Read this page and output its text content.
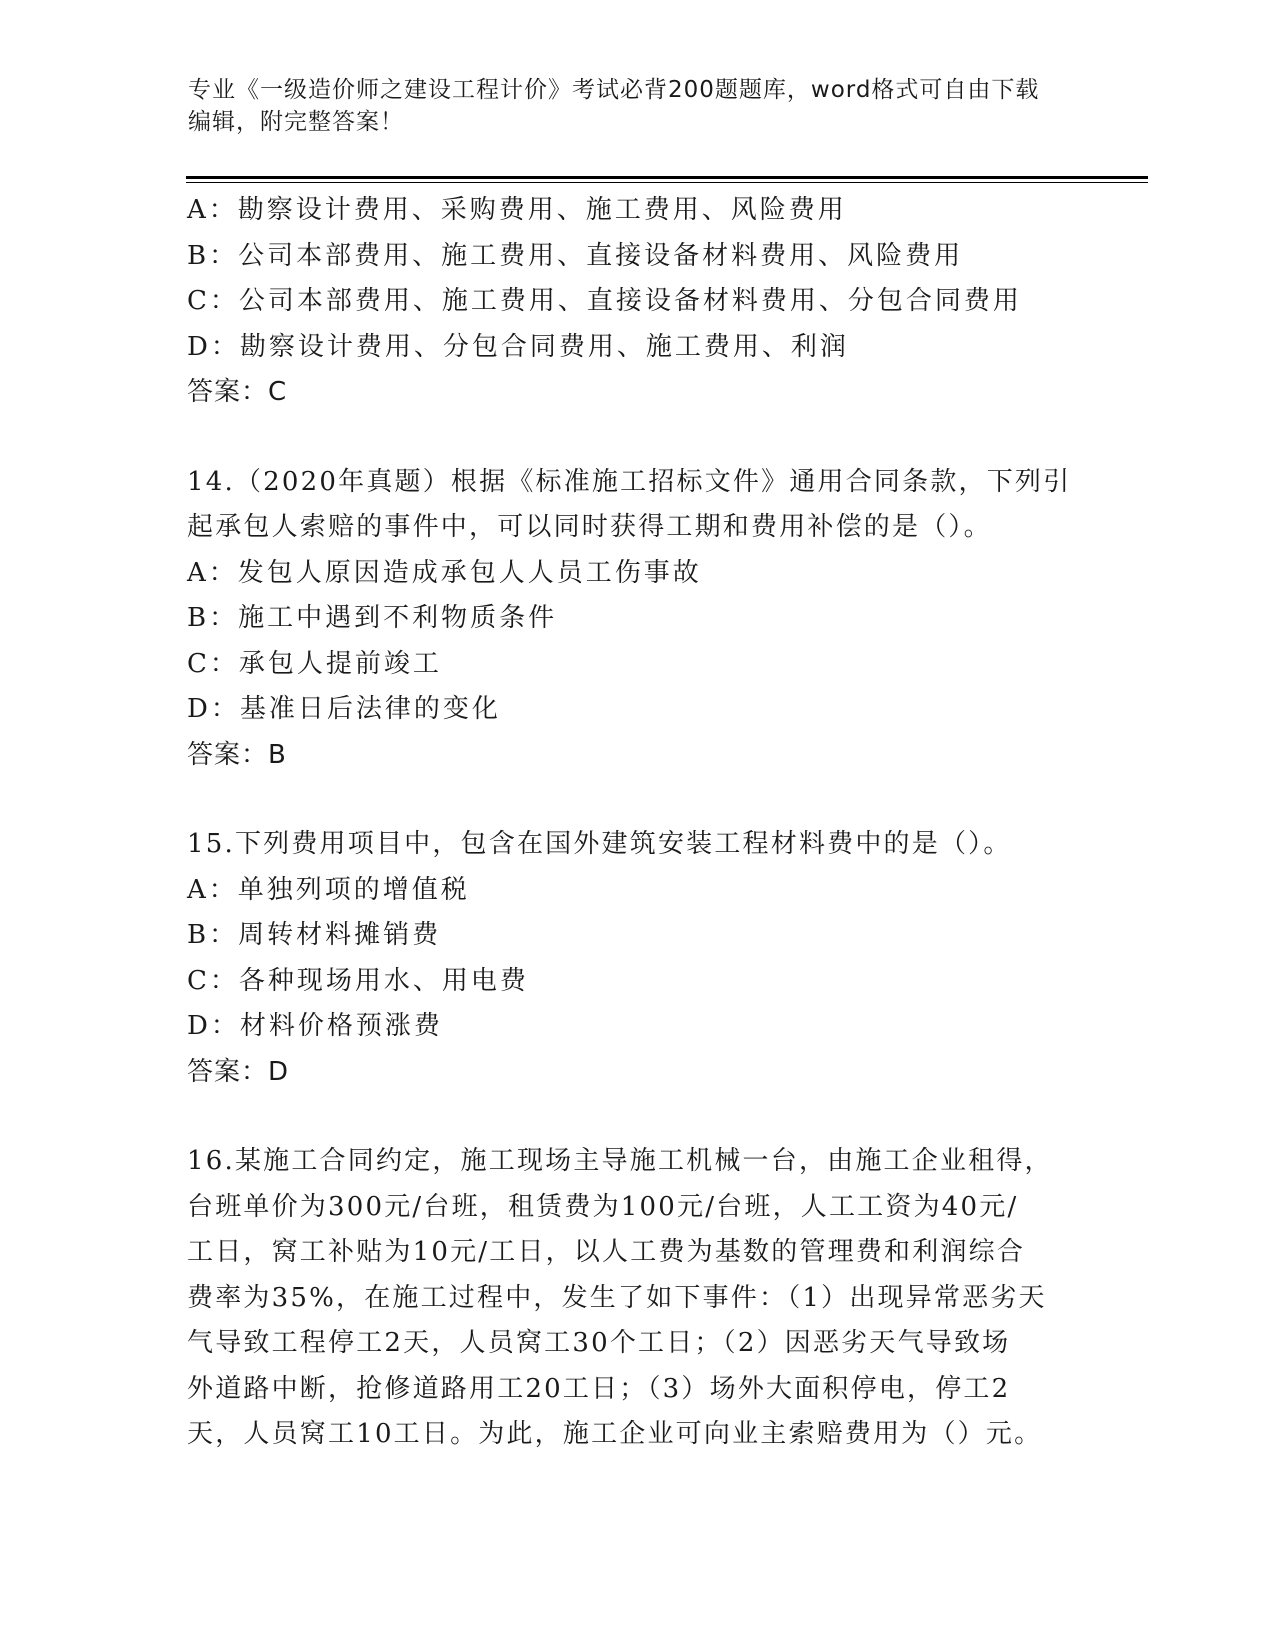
专业《一级造价师之建设工程计价》考试必背200题题库，word格式可自由下载
编辑，附完整答案！
A：勘察设计费用、采购费用、施工费用、风险费用
B：公司本部费用、施工费用、直接设备材料费用、风险费用
C：公司本部费用、施工费用、直接设备材料费用、分包合同费用
D：勘察设计费用、分包合同费用、施工费用、利润
答案：C
14.（2020年真题）根据《标准施工招标文件》通用合同条款，下列引
起承包人索赔的事件中，可以同时获得工期和费用补偿的是（）。
A：发包人原因造成承包人人员工伤事故
B：施工中遇到不利物质条件
C：承包人提前竣工
D：基准日后法律的变化
答案：B
15.下列费用项目中，包含在国外建筑安装工程材料费中的是（）。
A：单独列项的增值税
B：周转材料摊销费
C：各种现场用水、用电费
D：材料价格预涨费
答案：D
16.某施工合同约定，施工现场主导施工机械一台，由施工企业租得，
台班单价为300元/台班，租赁费为100元/台班，人工工资为40元/
工日，窝工补贴为10元/工日，以人工费为基数的管理费和利润综合
费率为35%，在施工过程中，发生了如下事件：（1）出现异常恶劣天
气导致工程停工2天，人员窝工30个工日；（2）因恶劣天气导致场
外道路中断，抢修道路用工20工日；（3）场外大面积停电，停工2
天，人员窝工10工日。为此，施工企业可向业主索赔费用为（）元。
